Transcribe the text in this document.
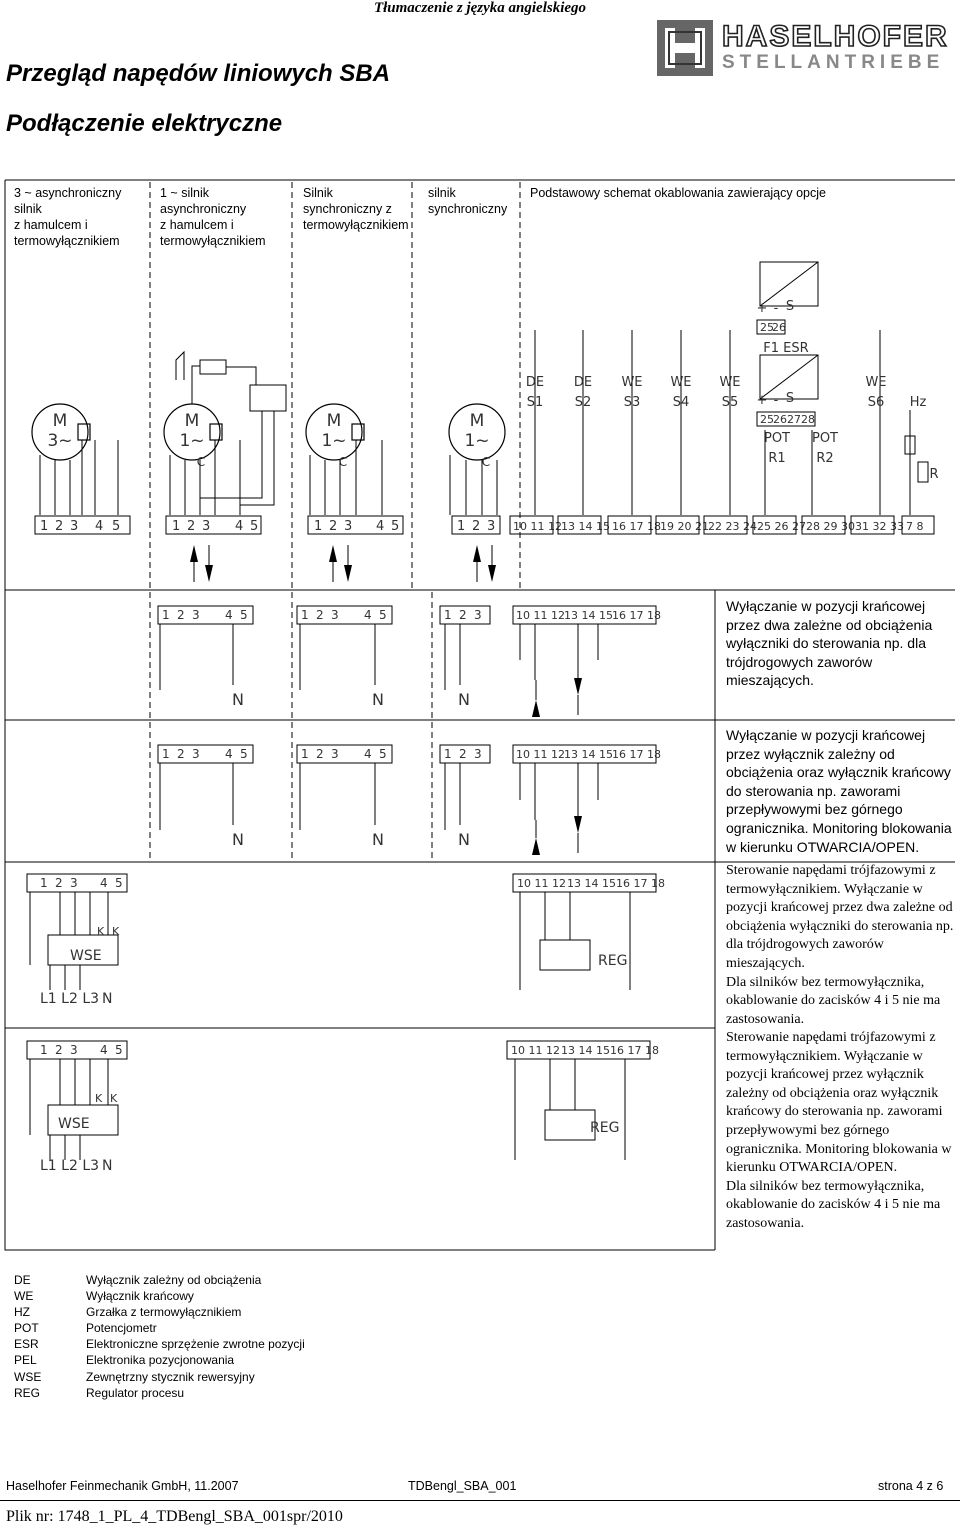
Tłumaczenie z języka angielskiego
HASELHOFER
STELLANTRIEBE
Przegląd napędów liniowych SBA
Podłączenie elektryczne
3 ~ asynchroniczny
silnik
z hamulcem i
termowyłącznikiem
1 ~ silnik
asynchroniczny
z hamulcem i
termowyłącznikiem
Silnik
synchroniczny z
termowyłącznikiem
silnik
synchroniczny
Podstawowy schemat okablowania zawierający opcje
M
3~
M
1~
M
1~
M
1~
C	C	C
DE
S1
DE
S2
WE
S3
WE
S4
WE
S5
WE
S6 Hz
F1 ESR
POT
R1
POT
R2
S
S
R
+ -
+ -
25
26
25 26 27 28
1 2 3 4 5	1 2 3 4 5	1 2 3 4 5	1 2 3 10 11 12 13 14 15 16 17 18 19 20 21 22 23 24 25 26 27 28 29 30 31 32 33 7 8
N	N	N
N	N	N
WSE
WSE
REG
REG
L1 L2 L3 N
L1 L2 L3 N
K K
K K
1 2 3 4 5
1 2 3 4 5
10 11 12 13 14 15 16 17 18
10 11 12 13 14 15 16 17 18
1 2 3 4 5	1 2 3 4 5	1 2 3	10 11 12 13 14 15 16 17 18
1 2 3 4 5	1 2 3 4 5	1 2 3	10 11 12 13 14 15 16 17 18
Wyłączanie w pozycji krańcowej przez dwa zależne od obciążenia wyłączniki do sterowania np. dla trójdrogowych zaworów mieszających.
Wyłączanie w pozycji krańcowej przez wyłącznik zależny od obciążenia oraz wyłącznik krańcowy do sterowania np. zaworami przepływowymi bez górnego ogranicznika. Monitoring blokowania w kierunku OTWARCIA/OPEN.
Sterowanie napędami trójfazowymi z termowyłącznikiem. Wyłączanie w pozycji krańcowej przez dwa zależne od obciążenia wyłączniki do sterowania np. dla trójdrogowych zaworów mieszających.
Dla silników bez termowyłącznika, okablowanie do zacisków 4 i 5 nie ma zastosowania.
Sterowanie napędami trójfazowymi z termowyłącznikiem. Wyłączanie w pozycji krańcowej przez wyłącznik zależny od obciążenia oraz wyłącznik krańcowy do sterowania np. zaworami przepływowymi bez górnego ogranicznika. Monitoring blokowania w kierunku OTWARCIA/OPEN.
Dla silników bez termowyłącznika, okablowanie do zacisków 4 i 5 nie ma zastosowania.
DE	Wyłącznik zależny od obciążenia
WE	Wyłącznik krańcowy
HZ	Grzałka z termowyłącznikiem
POT	Potencjometr
ESR	Elektroniczne sprzężenie zwrotne pozycji
PEL	Elektronika pozycjonowania
WSE	Zewnętrzny stycznik rewersyjny
REG	Regulator procesu
Haselhofer Feinmechanik GmbH, 11.2007	TDBengl_SBA_001	strona 4 z 6
Plik nr: 1748_1_PL_4_TDBengl_SBA_001spr/2010
